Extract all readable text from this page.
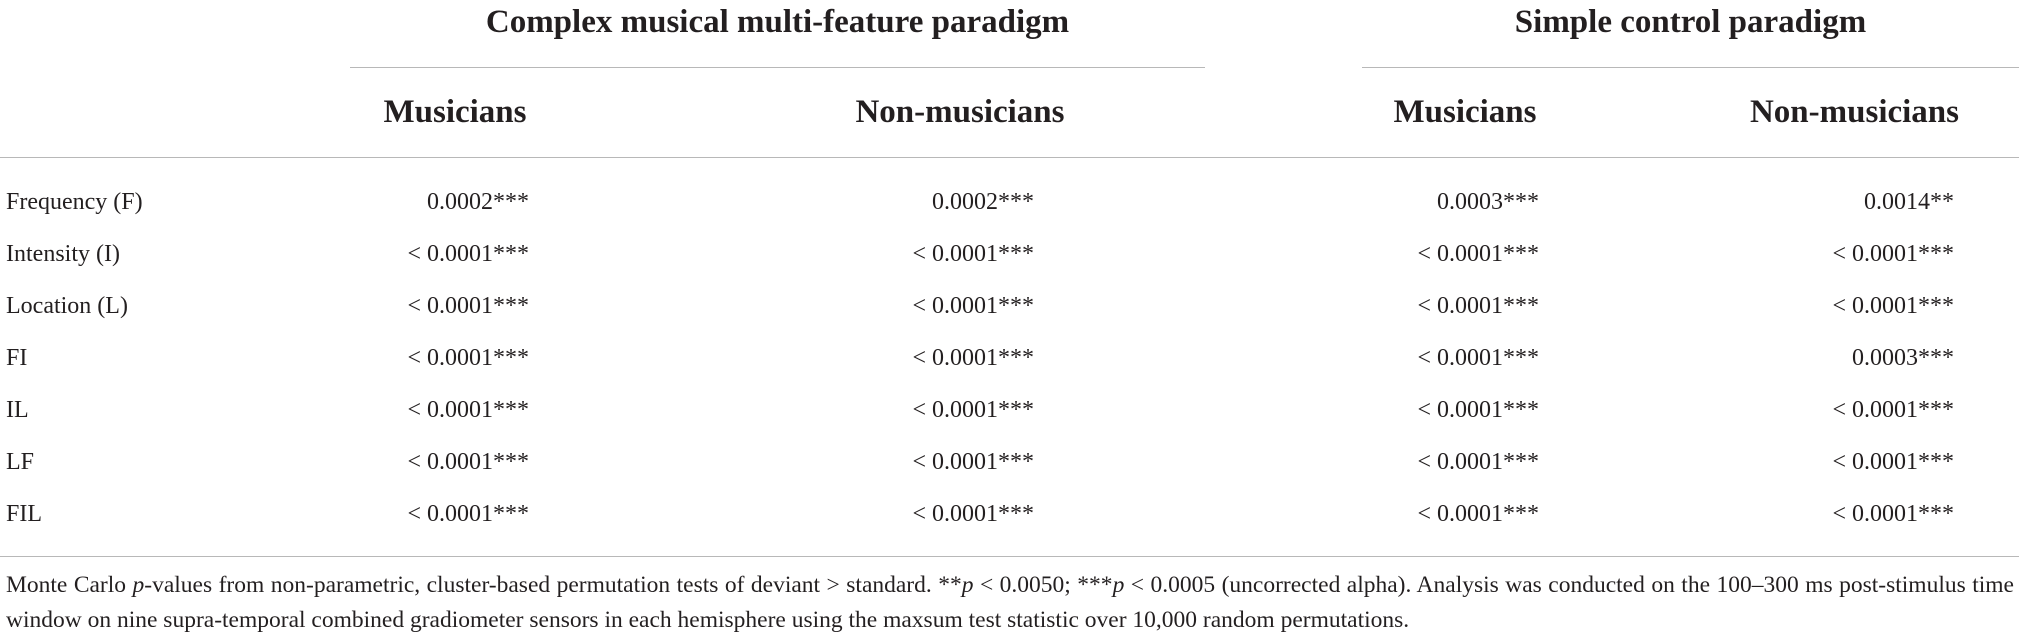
Complex musical multi-feature paradigm	Simple control paradigm
Musicians	Non-musicians	Musicians	Non-musicians
Frequency (F)	0.0002***	0.0002***	0.0003***	0.0014**
Intensity (I)	< 0.0001***	< 0.0001***	< 0.0001***	< 0.0001***
Location (L)	< 0.0001***	< 0.0001***	< 0.0001***	< 0.0001***
FI	< 0.0001***	< 0.0001***	< 0.0001***	0.0003***
IL	< 0.0001***	< 0.0001***	< 0.0001***	< 0.0001***
LF	< 0.0001***	< 0.0001***	< 0.0001***	< 0.0001***
FIL	< 0.0001***	< 0.0001***	< 0.0001***	< 0.0001***
Monte Carlo p-values from non-parametric, cluster-based permutation tests of deviant > standard. **p < 0.0050; ***p < 0.0005 (uncorrected alpha). Analysis was conducted on the 100–300 ms post-stimulus time window on nine supra-temporal combined gradiometer sensors in each hemisphere using the maxsum test statistic over 10,000 random permutations.
